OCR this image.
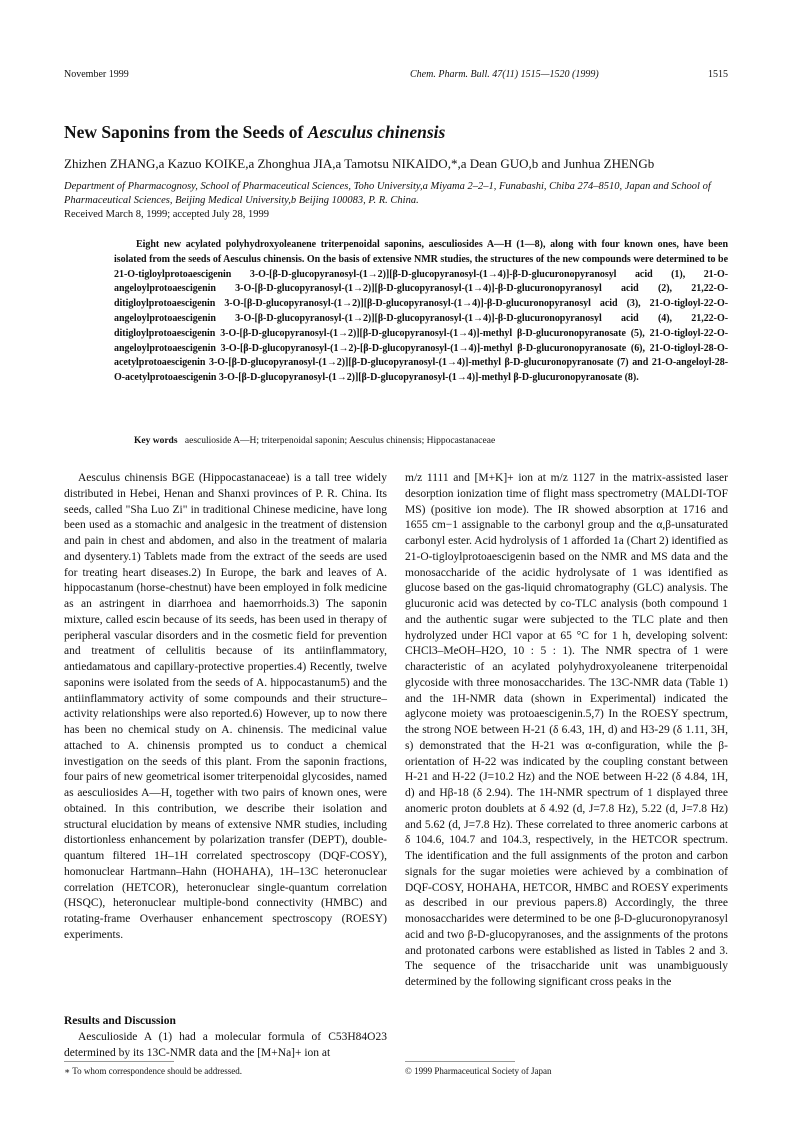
November 1999	Chem. Pharm. Bull. 47(11) 1515—1520 (1999)	1515
New Saponins from the Seeds of Aesculus chinensis
Zhizhen ZHANG,a Kazuo KOIKE,a Zhonghua JIA,a Tamotsu NIKAIDO,*,a Dean GUO,b and Junhua ZHENGb
Department of Pharmacognosy, School of Pharmaceutical Sciences, Toho University,a Miyama 2–2–1, Funabashi, Chiba 274–8510, Japan and School of Pharmaceutical Sciences, Beijing Medical University,b Beijing 100083, P. R. China.
Received March 8, 1999; accepted July 28, 1999
Eight new acylated polyhydroxyoleanene triterpenoidal saponins, aesculiosides A—H (1—8), along with four known ones, have been isolated from the seeds of Aesculus chinensis. On the basis of extensive NMR studies, the structures of the new compounds were determined to be 21-O-tigloylprotoaescigenin 3-O-[β-D-glucopyranosyl-(1→2)][β-D-glucopyranosyl-(1→4)]-β-D-glucuronopyranosyl acid (1), 21-O-angeloylprotoaescigenin 3-O-[β-D-glucopyranosyl-(1→2)][β-D-glucopyranosyl-(1→4)]-β-D-glucuronopyranosyl acid (2), 21,22-O-ditigloylprotoaescigenin 3-O-[β-D-glucopyranosyl-(1→2)][β-D-glucopyranosyl-(1→4)]-β-D-glucuronopyranosyl acid (3), 21-O-tigloyl-22-O-angeloylprotoaescigenin 3-O-[β-D-glucopyranosyl-(1→2)][β-D-glucopyranosyl-(1→4)]-β-D-glucuronopyranosyl acid (4), 21,22-O-ditigloylprotoaescigenin 3-O-[β-D-glucopyranosyl-(1→2)][β-D-glucopyranosyl-(1→4)]-methyl β-D-glucuronopyranosate (5), 21-O-tigloyl-22-O-angeloylprotoaescigenin 3-O-[β-D-glucopyranosyl-(1→2)-[β-D-glucopyranosyl-(1→4)]-methyl β-D-glucuronopyranosate (6), 21-O-tigloyl-28-O-acetylprotoaescigenin 3-O-[β-D-glucopyranosyl-(1→2)][β-D-glucopyranosyl-(1→4)]-methyl β-D-glucuronopyranosate (7) and 21-O-angeloyl-28-O-acetylprotoaescigenin 3-O-[β-D-glucopyranosyl-(1→2)][β-D-glucopyranosyl-(1→4)]-methyl β-D-glucuronopyranosate (8).
Key words aesculioside A—H; triterpenoidal saponin; Aesculus chinensis; Hippocastanaceae

Aesculus chinensis BGE (Hippocastanaceae) is a tall tree widely distributed in Hebei, Henan and Shanxi provinces of P. R. China. Its seeds, called "Sha Luo Zi" in traditional Chinese medicine, have long been used as a stomachic and analgesic in the treatment of distension and pain in chest and abdomen, and also in the treatment of malaria and dysentery.1) Tablets made from the extract of the seeds are used for treating heart diseases.2) In Europe, the bark and leaves of A. hippocastanum (horse-chestnut) have been employed in folk medicine as an astringent in diarrhoea and haemorrhoids.3) The saponin mixture, called escin because of its seeds, has been used in therapy of peripheral vascular disorders and in the cosmetic field for prevention and treatment of cellulitis because of its antiinflammatory, antiedamatous and capillary-protective properties.4) Recently, twelve saponins were isolated from the seeds of A. hippocastanum5) and the antiinflammatory activity of some compounds and their structure–activity relationships were also reported.6) However, up to now there has been no chemical study on A. chinensis. The medicinal value attached to A. chinensis prompted us to conduct a chemical investigation on the seeds of this plant. From the saponin fractions, four pairs of new geometrical isomer triterpenoidal glycosides, named as aesculiosides A—H, together with two pairs of known ones, were obtained. In this contribution, we describe their isolation and structural elucidation by means of extensive NMR studies, including distortionless enhancement by polarization transfer (DEPT), double-quantum filtered 1H–1H correlated spectroscopy (DQF-COSY), homonuclear Hartmann–Hahn (HOHAHA), 1H–13C heteronuclear correlation (HETCOR), heteronuclear single-quantum correlation (HSQC), heteronuclear multiple-bond connectivity (HMBC) and rotating-frame Overhauser enhancement spectroscopy (ROESY) experiments.

Results and Discussion
Aesculioside A (1) had a molecular formula of C53H84O23 determined by its 13C-NMR data and the [M+Na]+ ion at

m/z 1111 and [M+K]+ ion at m/z 1127 in the matrix-assisted laser desorption ionization time of flight mass spectrometry (MALDI-TOF MS) (positive ion mode). The IR showed absorption at 1716 and 1655 cm−1 assignable to the carbonyl group and the α,β-unsaturated carbonyl ester. Acid hydrolysis of 1 afforded 1a (Chart 2) identified as 21-O-tigloylprotoaescigenin based on the NMR and MS data and the monosaccharide of the acidic hydrolysate of 1 was identified as glucose based on the gas-liquid chromatography (GLC) analysis. The glucuronic acid was detected by co-TLC analysis (both compound 1 and the authentic sugar were subjected to the TLC plate and then hydrolyzed under HCl vapor at 65 °C for 1 h, developing solvent: CHCl3–MeOH–H2O, 10 : 5 : 1). The NMR spectra of 1 were characteristic of an acylated polyhydroxyoleanene triterpenoidal glycoside with three monosaccharides. The 13C-NMR data (Table 1) and the 1H-NMR data (shown in Experimental) indicated the aglycone moiety was protoaescigenin.5,7) In the ROESY spectrum, the strong NOE between H-21 (δ 6.43, 1H, d) and H3-29 (δ 1.11, 3H, s) demonstrated that the H-21 was α-configuration, while the β-orientation of H-22 was indicated by the coupling constant between H-21 and H-22 (J=10.2 Hz) and the NOE between H-22 (δ 4.84, 1H, d) and Hβ-18 (δ 2.94). The 1H-NMR spectrum of 1 displayed three anomeric proton doublets at δ 4.92 (d, J=7.8 Hz), 5.22 (d, J=7.8 Hz) and 5.62 (d, J=7.8 Hz). These correlated to three anomeric carbons at δ 104.6, 104.7 and 104.3, respectively, in the HETCOR spectrum. The identification and the full assignments of the proton and carbon signals for the sugar moieties were achieved by a combination of DQF-COSY, HOHAHA, HETCOR, HMBC and ROESY experiments as described in our previous papers.8) Accordingly, the three monosaccharides were determined to be one β-D-glucuronopyranosyl acid and two β-D-glucopyranoses, and the assignments of the protons and protonated carbons were established as listed in Tables 2 and 3. The sequence of the trisaccharide unit was unambiguously determined by the following significant cross peaks in the

∗ To whom correspondence should be addressed.	© 1999 Pharmaceutical Society of Japan
